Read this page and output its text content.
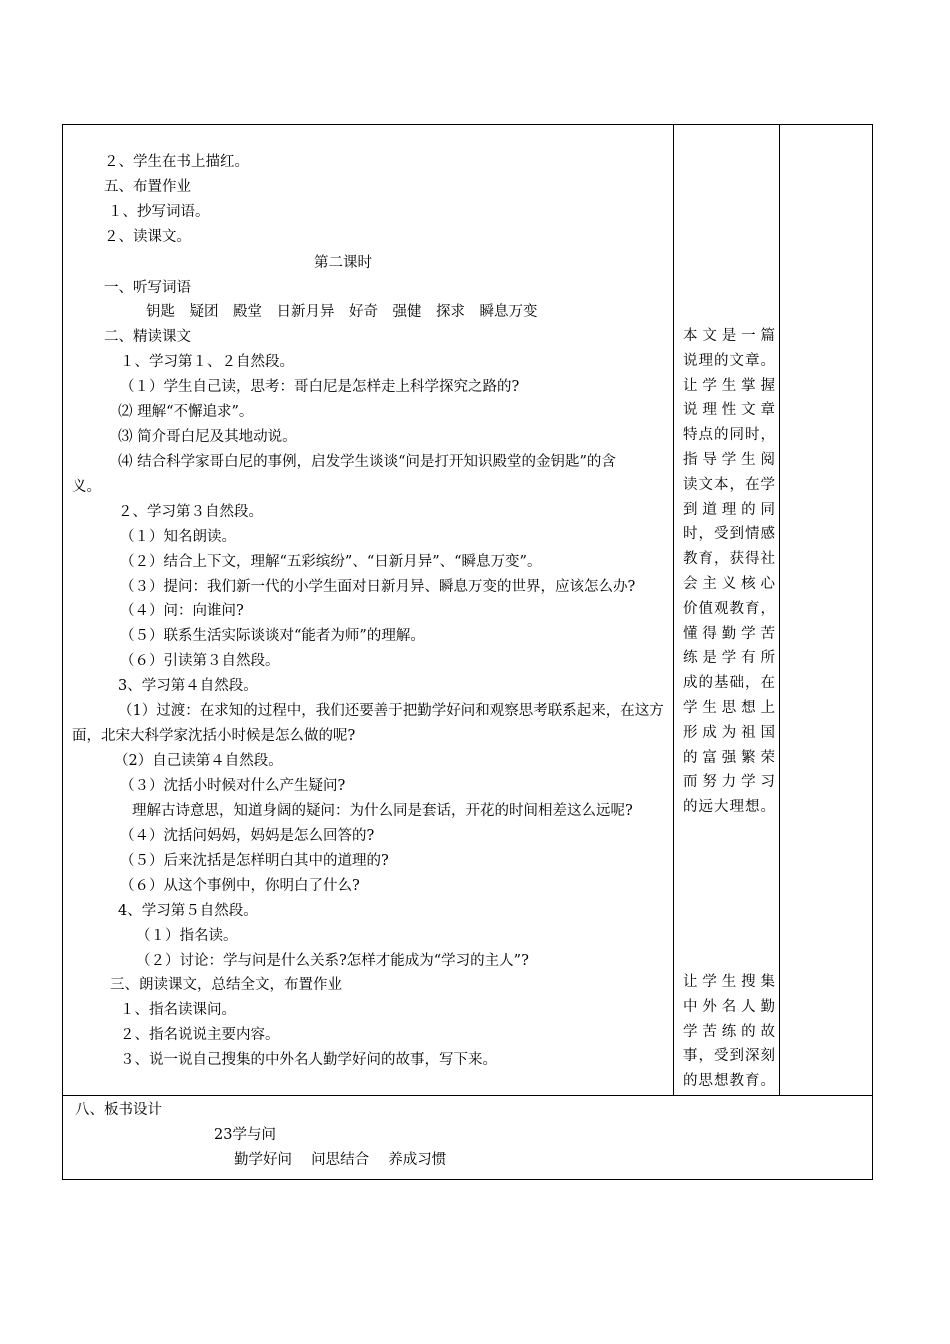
２、学生在书上描红。
五、布置作业
１、抄写词语。
２、读课文。
第二课时
一、听写词语
钥匙　疑团　殿堂　日新月异　好奇　强健　探求　瞬息万变
二、精读课文
１、学习第１、２自然段。
（１）学生自己读，思考：哥白尼是怎样走上科学探究之路的?
⑵ 理解“不懈追求”。
⑶ 简介哥白尼及其地动说。
⑷ 结合科学家哥白尼的事例，启发学生谈谈“问是打开知识殿堂的金钥匙”的含
义。
２、学习第３自然段。
（１）知名朗读。
（２）结合上下文，理解“五彩缤纷”、“日新月异”、“瞬息万变”。
（３）提问：我们新一代的小学生面对日新月异、瞬息万变的世界，应该怎么办?
（４）问：向谁问?
（５）联系生活实际谈谈对“能者为师”的理解。
（６）引读第３自然段。
3、学习第４自然段。
（1）过渡：在求知的过程中，我们还要善于把勤学好问和观察思考联系起来，在这方
面，北宋大科学家沈括小时候是怎么做的呢?
（2）自己读第４自然段。
（３）沈括小时候对什么产生疑问?
理解古诗意思，知道身阔的疑问：为什么同是套话，开花的时间相差这么远呢?
（４）沈括问妈妈，妈妈是怎么回答的?
（５）后来沈括是怎样明白其中的道理的?
（６）从这个事例中，你明白了什么?
4、学习第５自然段。
（１）指名读。
（２）讨论：学与问是什么关系?怎样才能成为“学习的主人”?
三、朗读课文，总结全文，布置作业
１、指名读课问。
２、指名说说主要内容。
３、说一说自己搜集的中外名人勤学好问的故事，写下来。
本文是一篇
说理的文章。
让学生掌握
说理性文章
特点的同时，
指导学生阅
读文本，在学
到道理的同
时，受到情感
教育，获得社
会主义核心
价值观教育，
懂得勤学苦
练是学有所
成的基础，在
学生思想上
形成为祖国
的富强繁荣
而努力学习
的远大理想。
让学生搜集
中外名人勤
学苦练的故
事，受到深刻
的思想教育。
八、板书设计
23学与问
勤学好问　 问思结合　 养成习惯
